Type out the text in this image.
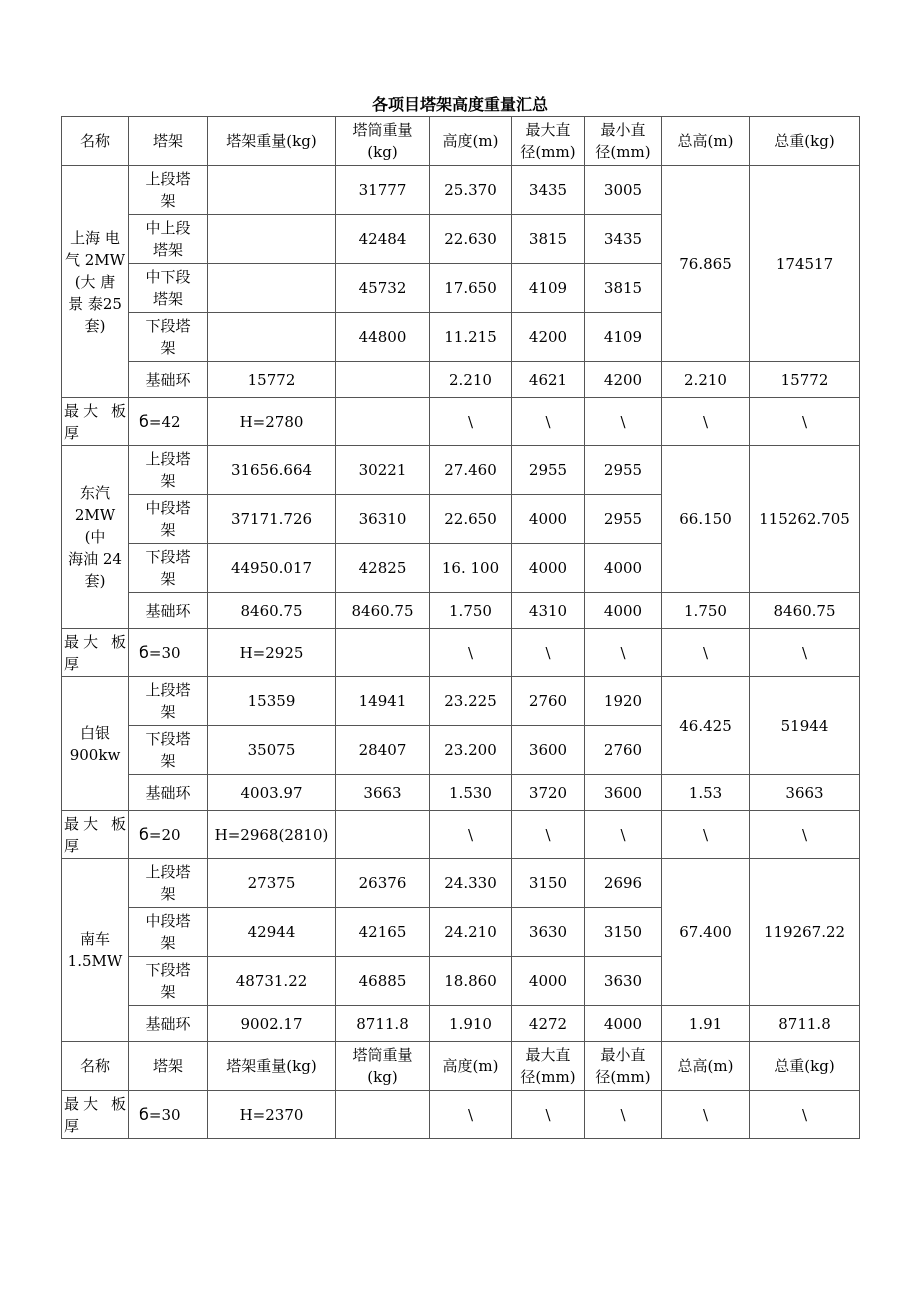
各项目塔架高度重量汇总
名称	塔架	塔架重量(kg)	塔筒重量
(kg)	高度(m)	最大直
径(mm)	最小直
径(mm)	总高(m)	总重(kg)

上海 电
气 2MW
(大 唐
景 泰25
套)	上段塔
架		31777	25.370	3435	3005	76.865	174517

	中上段
塔架		42484	22.630	3815	3435		

	中下段
塔架		45732	17.650	4109	3815		

	下段塔
架		44800	11.215	4200	4109		
	基础环	15772		2.210	4621	4200	2.210	15772

最大 板
厚	б=42	H=2780		\	\	\	\	\

东汽
2MW (中
海油 24
套)	上段塔
架	31656.664	30221	27.460	2955	2955	66.150	115262.705

	中段塔
架	37171.726	36310	22.650	4000	2955		

	下段塔
架	44950.017	42825	16. 100	4000	4000		
	基础环	8460.75	8460.75	1.750	4310	4000	1.750	8460.75

最大 板
厚	б=30	H=2925		\	\	\	\	\

白银
900kw	上段塔
架	15359	14941	23.225	2760	1920	46.425	51944

	下段塔
架	35075	28407	23.200	3600	2760		
	基础环	4003.97	3663	1.530	3720	3600	1.53	3663

最大 板
厚	б=20	H=2968(2810)		\	\	\	\	\

南车
1.5MW	上段塔
架	27375	26376	24.330	3150	2696	67.400	119267.22

	中段塔
架	42944	42165	24.210	3630	3150		

	下段塔
架	48731.22	46885	18.860	4000	3630		
	基础环	9002.17	8711.8	1.910	4272	4000	1.91	8711.8
名称	塔架	塔架重量(kg)	塔筒重量
(kg)	高度(m)	最大直
径(mm)	最小直
径(mm)	总高(m)	总重(kg)

最大 板
厚	б=30	H=2370		\	\	\	\	\
